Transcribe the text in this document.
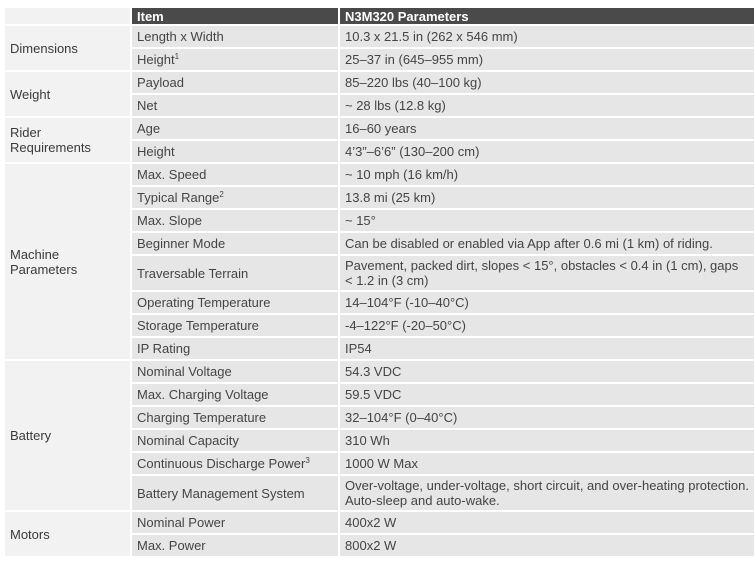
	Item	N3M320 Parameters
Dimensions	Length x Width	10.3 x 21.5 in (262 x 546 mm)
	Height$^1$	25–37 in (645–955 mm)
Weight	Payload	85–220 lbs (40–100 kg)
	Net	~ 28 lbs (12.8 kg)
Rider Requirements	Age	16–60 years
	Height	4’3”–6’6” (130–200 cm)
Machine Parameters	Max. Speed	~ 10 mph (16 km/h)
	Typical Range$^2$	13.8 mi (25 km)
	Max. Slope	~ 15°
	Beginner Mode	Can be disabled or enabled via App after 0.6 mi (1 km) of riding.
	Traversable Terrain	Pavement, packed dirt, slopes < 15°, obstacles < 0.4 in (1 cm), gaps < 1.2 in (3 cm)
	Operating Temperature	14–104°F (-10–40°C)
	Storage Temperature	-4–122°F (-20–50°C)
	IP Rating	IP54
Battery	Nominal Voltage	54.3 VDC
	Max. Charging Voltage	59.5 VDC
	Charging Temperature	32–104°F (0–40°C)
	Nominal Capacity	310 Wh
	Continuous Discharge Power$^3$	1000 W Max
	Battery Management System	Over-voltage, under-voltage, short circuit, and over-heating protection. Auto-sleep and auto-wake.
Motors	Nominal Power	400x2 W
	Max. Power	800x2 W
